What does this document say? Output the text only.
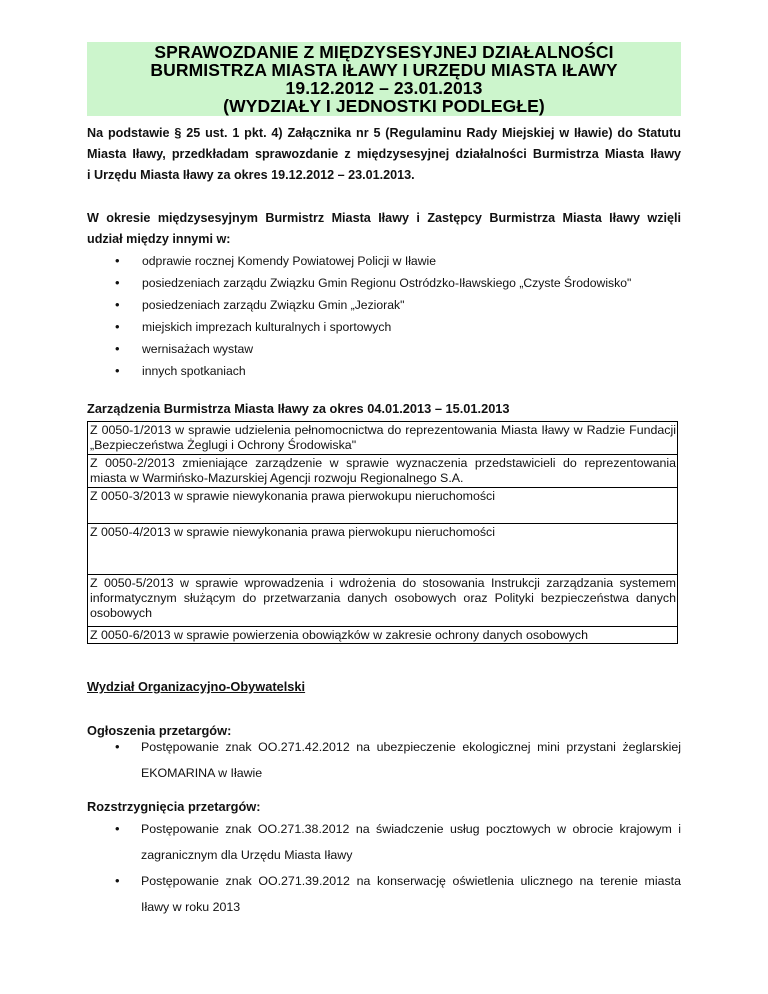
SPRAWOZDANIE Z MIĘDZYSESYJNEJ DZIAŁALNOŚCI
BURMISTRZA MIASTA IŁAWY I URZĘDU MIASTA IŁAWY
19.12.2012 – 23.01.2013
(WYDZIAŁY I JEDNOSTKI PODLEGŁE)
Na podstawie § 25 ust. 1 pkt. 4) Załącznika nr 5 (Regulaminu Rady Miejskiej w Iławie) do Statutu
Miasta Iławy, przedkładam sprawozdanie z międzysesyjnej działalności Burmistrza Miasta Iławy
i Urzędu Miasta Iławy za okres 19.12.2012 – 23.01.2013.
W okresie międzysesyjnym Burmistrz Miasta Iławy i Zastępcy Burmistrza Miasta Iławy wzięli
udział między innymi w:
• odprawie rocznej Komendy Powiatowej Policji w Iławie
• posiedzeniach zarządu Związku Gmin Regionu Ostródzko-Iławskiego „Czyste Środowisko"
• posiedzeniach zarządu Związku Gmin „Jeziorak"
• miejskich imprezach kulturalnych i sportowych
• wernisażach wystaw
• innych spotkaniach
Zarządzenia Burmistrza Miasta Iławy za okres 04.01.2013 – 15.01.2013
Z 0050-1/2013 w sprawie udzielenia pełnomocnictwa do reprezentowania Miasta Iławy w Radzie Fundacji „Bezpieczeństwa Żeglugi i Ochrony Środowiska"
Z 0050-2/2013 zmieniające zarządzenie w sprawie wyznaczenia przedstawicieli do reprezentowania miasta w Warmińsko-Mazurskiej Agencji rozwoju Regionalnego S.A.
Z 0050-3/2013 w sprawie niewykonania prawa pierwokupu nieruchomości
Z 0050-4/2013 w sprawie niewykonania prawa pierwokupu nieruchomości
Z 0050-5/2013 w sprawie wprowadzenia i wdrożenia do stosowania Instrukcji zarządzania systemem informatycznym służącym do przetwarzania danych osobowych oraz Polityki bezpieczeństwa danych osobowych
Z 0050-6/2013 w sprawie powierzenia obowiązków w zakresie ochrony danych osobowych
Wydział Organizacyjno-Obywatelski
Ogłoszenia przetargów:
• Postępowanie znak OO.271.42.2012 na ubezpieczenie ekologicznej mini przystani żeglarskiej EKOMARINA w Iławie
Rozstrzygnięcia przetargów:
• Postępowanie znak OO.271.38.2012 na świadczenie usług pocztowych w obrocie krajowym i zagranicznym dla Urzędu Miasta Iławy
• Postępowanie znak OO.271.39.2012 na konserwację oświetlenia ulicznego na terenie miasta Iławy w roku 2013
